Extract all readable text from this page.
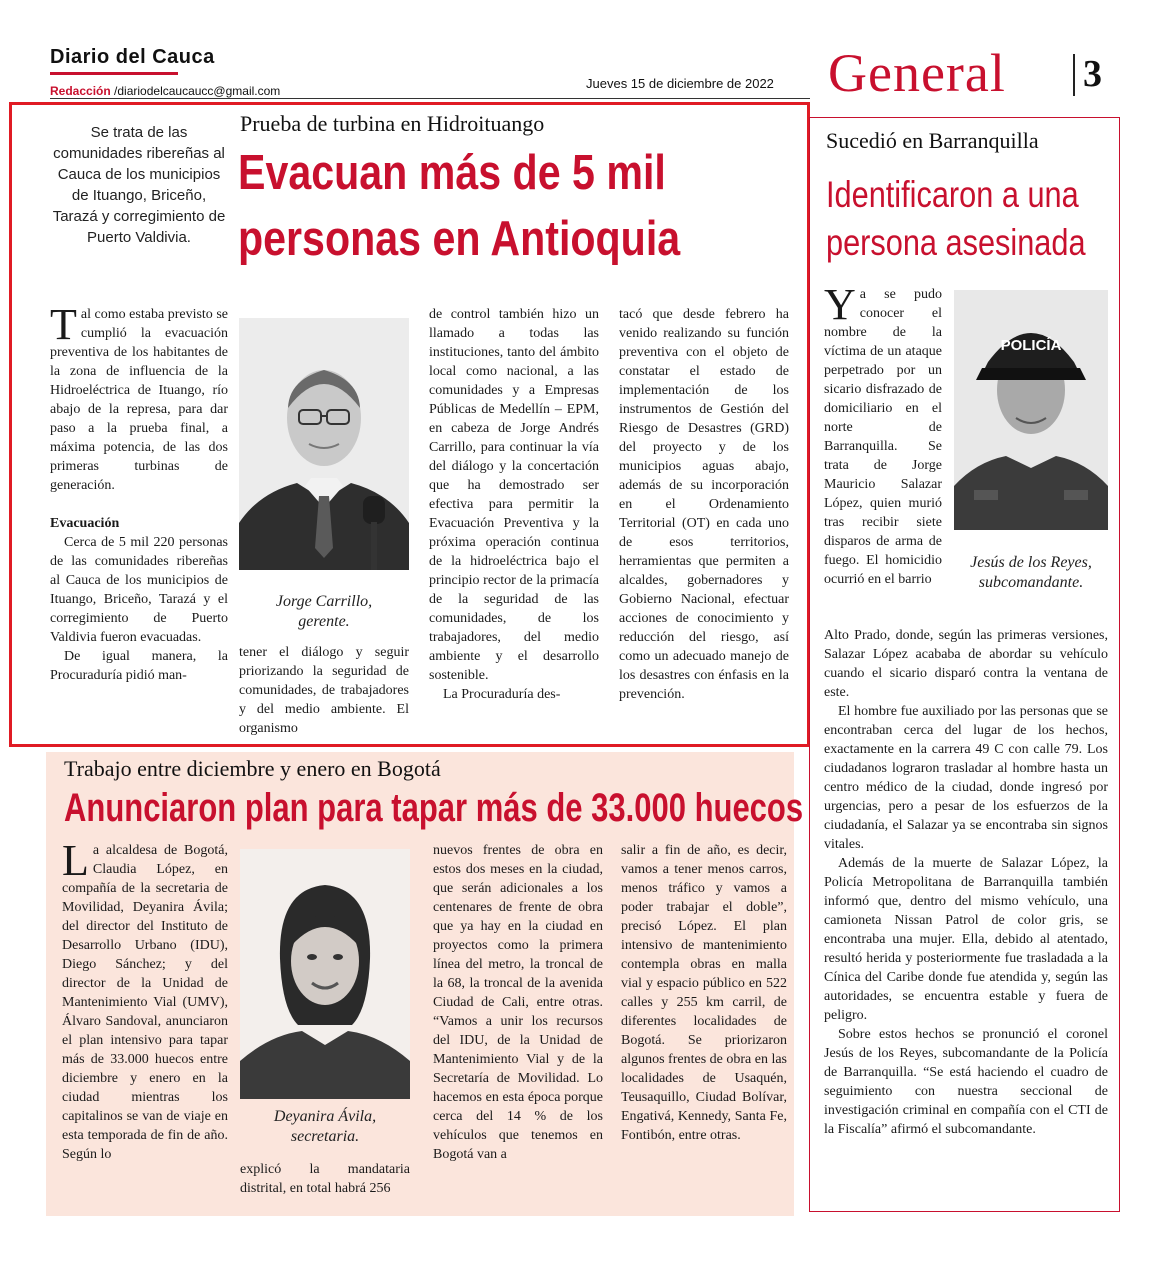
Diario del Cauca
Redacción /diariodelcaucaucc@gmail.com	Jueves 15 de diciembre de 2022 General 3
Se trata de las comunidades ribereñas al Cauca de los municipios de Ituango, Briceño, Tarazá y corregimiento de Puerto Valdivia.
Prueba de turbina en Hidroituango
Evacuan más de 5 mil
personas en Antioquia

Tal como estaba previsto se cumplió la evacuación preventiva de los habitantes de la zona de influencia de la Hidroeléctrica de Ituango, río abajo de la represa, para dar paso a la prueba final, a máxima potencia, de las dos primeras turbinas de generación.

Evacuación

Cerca de 5 mil 220 personas de las comunidades ribereñas al Cauca de los municipios de Ituango, Briceño, Tarazá y el corregimiento de Puerto Valdivia fueron evacuadas.

De igual manera, la Procuraduría pidió man-

Jorge Carrillo,
gerente.

tener el diálogo y seguir priorizando la seguridad de comunidades, de trabajadores y del medio ambiente. El organismo

de control también hizo un llamado a todas las instituciones, tanto del ámbito local como nacional, a las comunidades y a Empresas Públicas de Medellín – EPM, en cabeza de Jorge Andrés Carrillo, para continuar la vía del diálogo y la concertación que ha demostrado ser efectiva para permitir la Evacuación Preventiva y la próxima operación continua de la hidroeléctrica bajo el principio rector de la primacía de la seguridad de las comunidades, de los trabajadores, del medio ambiente y el desarrollo sostenible.

La Procuraduría des-

tacó que desde febrero ha venido realizando su función preventiva con el objeto de constatar el estado de implementación de los instrumentos de Gestión del Riesgo de Desastres (GRD) del proyecto y de los municipios aguas abajo, además de su incorporación en el Ordenamiento Territorial (OT) en cada uno de esos territorios, herramientas que permiten a alcaldes, gobernadores y Gobierno Nacional, efectuar acciones de conocimiento y reducción del riesgo, así como un adecuado manejo de los desastres con énfasis en la prevención.

Trabajo entre diciembre y enero en Bogotá
Anunciaron plan para tapar más de 33.000 huecos

La alcaldesa de Bogotá, Claudia López, en compañía de la secretaria de Movilidad, Deyanira Ávila; del director del Instituto de Desarrollo Urbano (IDU), Diego Sánchez; y del director de la Unidad de Mantenimiento Vial (UMV), Álvaro Sandoval, anunciaron el plan intensivo para tapar más de 33.000 huecos entre diciembre y enero en la ciudad mientras los capitalinos se van de viaje en esta temporada de fin de año. Según lo

Deyanira Ávila,
secretaria.

explicó la mandataria distrital, en total habrá 256

nuevos frentes de obra en estos dos meses en la ciudad, que serán adicionales a los centenares de frente de obra que ya hay en la ciudad en proyectos como la primera línea del metro, la troncal de la 68, la troncal de la avenida Ciudad de Cali, entre otras. “Vamos a unir los recursos del IDU, de la Unidad de Mantenimiento Vial y de la Secretaría de Movilidad. Lo hacemos en esta época porque cerca del 14 % de los vehículos que tenemos en Bogotá van a

salir a fin de año, es decir, vamos a tener menos carros, menos tráfico y vamos a poder trabajar el doble”, precisó López. El plan intensivo de mantenimiento contempla obras en malla vial y espacio público en 522 calles y 255 km carril, de diferentes localidades de Bogotá. Se priorizaron algunos frentes de obra en las localidades de Usaquén, Teusaquillo, Ciudad Bolívar, Engativá, Kennedy, Santa Fe, Fontibón, entre otras.

Sucedió en Barranquilla
Identificaron a una
persona asesinada

Ya se pudo conocer el nombre de la víctima de un ataque perpetrado por un sicario disfrazado de domiciliario en el norte de Barranquilla. Se trata de Jorge Mauricio Salazar López, quien murió tras recibir siete disparos de arma de fuego. El homicidio ocurrió en el barrio

POLICÍA
Jesús de los Reyes,
subcomandante.

Alto Prado, donde, según las primeras versiones, Salazar López acababa de abordar su vehículo cuando el sicario disparó contra la ventana de este.

El hombre fue auxiliado por las personas que se encontraban cerca del lugar de los hechos, exactamente en la carrera 49 C con calle 79. Los ciudadanos lograron trasladar al hombre hasta un centro médico de la ciudad, donde ingresó por urgencias, pero a pesar de los esfuerzos de la ciudadanía, el Salazar ya se encontraba sin signos vitales.

Además de la muerte de Salazar López, la Policía Metropolitana de Barranquilla también informó que, dentro del mismo vehículo, una camioneta Nissan Patrol de color gris, se encontraba una mujer. Ella, debido al atentado, resultó herida y posteriormente fue trasladada a la Cínica del Caribe donde fue atendida y, según las autoridades, se encuentra estable y fuera de peligro.

Sobre estos hechos se pronunció el coronel Jesús de los Reyes, subcomandante de la Policía de Barranquilla. “Se está haciendo el cuadro de seguimiento con nuestra seccional de investigación criminal en compañía con el CTI de la Fiscalía” afirmó el subcomandante.
